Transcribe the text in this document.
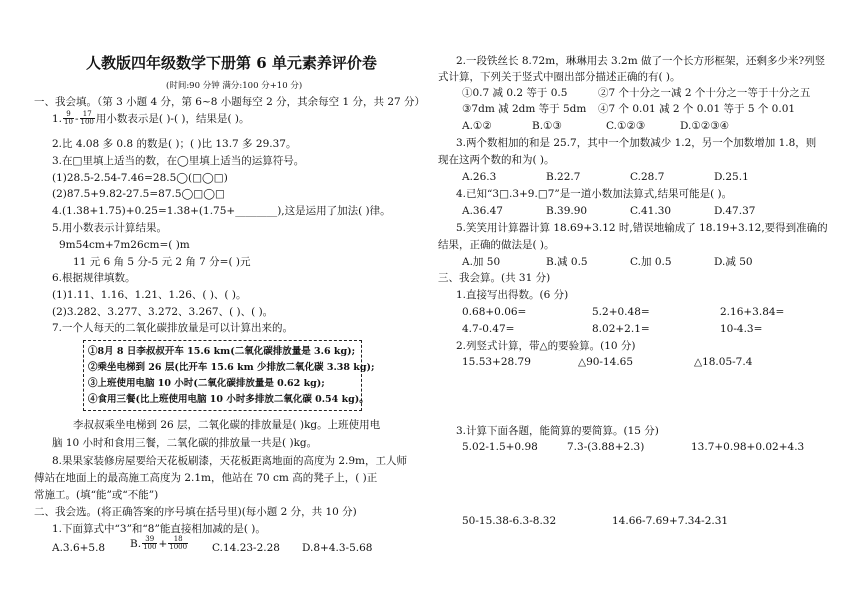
人教版四年级数学下册第 6 单元素养评价卷
(时间:90 分钟 满分:100 分+10 分)
一、我会填。（第 3 小题 4 分，第 6~8 小题每空 2 分，其余每空 1 分，共 27 分）
1. $\frac{9}{10} - \frac{17}{100}$ 用小数表示是( )-( )，结果是( )。
2.比 4.08 多 0.8 的数是( )；( )比 13.7 多 29.37。
3.在□里填上适当的数，在◯里填上适当的运算符号。
(1)28.5-2.54-7.46=28.5◯(□◯□)
(2)87.5+9.82-27.5=87.5◯□◯□
4.(1.38+1.75)+0.25=1.38+(1.75+________),这是运用了加法( )律。
5.用小数表示计算结果。
9m54cm+7m26cm=( )m
11 元 6 角 5 分-5 元 2 角 7 分=( )元
6.根据规律填数。
(1)1.11、1.16、1.21、1.26、( )、( )。
(2)3.282、3.277、3.272、3.267、( )、( )。
7.一个人每天的二氧化碳排放量是可以计算出来的。
①8月 8 日李叔叔开车 15.6 km(二氧化碳排放量是 3.6 kg);
②乘坐电梯到 26 层(比开车 15.6 km 少排放二氧化碳 3.38 kg);
③上班使用电脑 10 小时(二氧化碳排放量是 0.62 kg);
④食用三餐(比上班使用电脑 10 小时多排放二氧化碳 0.54 kg)。
李叔叔乘坐电梯到 26 层，二氧化碳的排放量是( )kg。上班使用电
脑 10 小时和食用三餐，二氧化碳的排放量一共是( )kg。
8.果果家装修房屋要给天花板刷漆，天花板距离地面的高度为 2.9m，工人师
傅站在地面上的最高施工高度为 2.1m，他站在 70 cm 高的凳子上，( )正
常施工。(填“能”或“不能”)
二、我会选。(将正确答案的序号填在括号里)(每小题 2 分，共 10 分)
1.下面算式中“3”和“8”能直接相加减的是( )。
A.3.6+5.8 B. $\frac{39}{100} + \frac{18}{1000} C.14.23-2.28$ D.8+4.3-5.68
2.一段铁丝长 8.72m，琳琳用去 3.2m 做了一个长方形框架，还剩多少米?列竖
式计算，下列关于竖式中圈出部分描述正确的有( )。
①0.7 减 0.2 等于 0.5	②7 个十分之一减 2 个十分之一等于十分之五
③7dm 减 2dm 等于 5dm ④7 个 0.01 减 2 个 0.01 等于 5 个 0.01
A.①②	B.①③	C.①②③	D.①②③④
3.两个数相加的和是 25.7，其中一个加数减少 1.2，另一个加数增加 1.8，则
现在这两个数的和为( )。
A.26.3	B.22.7	C.28.7	D.25.1
4.已知“3□.3+9.□7”是一道小数加法算式,结果可能是( )。
A.36.47	B.39.90	C.41.30	D.47.37
5.笑笑用计算器计算 18.69+3.12 时,错误地输成了 18.19+3.12,要得到准确的
结果，正确的做法是( )。
A.加 50	B.减 0.5	C.加 0.5	D.减 50
三、我会算。(共 31 分)
1.直接写出得数。(6 分)
0.68+0.06=	5.2+0.48=	2.16+3.84=
4.7-0.47=	8.02+2.1=	10-4.3=
2.列竖式计算，带△的要验算。(10 分)
15.53+28.79	△90-14.65	△18.05-7.4
3.计算下面各题，能简算的要简算。(15 分)
5.02-1.5+0.98	7.3-(3.88+2.3)	13.7+0.98+0.02+4.3
50-15.38-6.3-8.32	14.66-7.69+7.34-2.31
